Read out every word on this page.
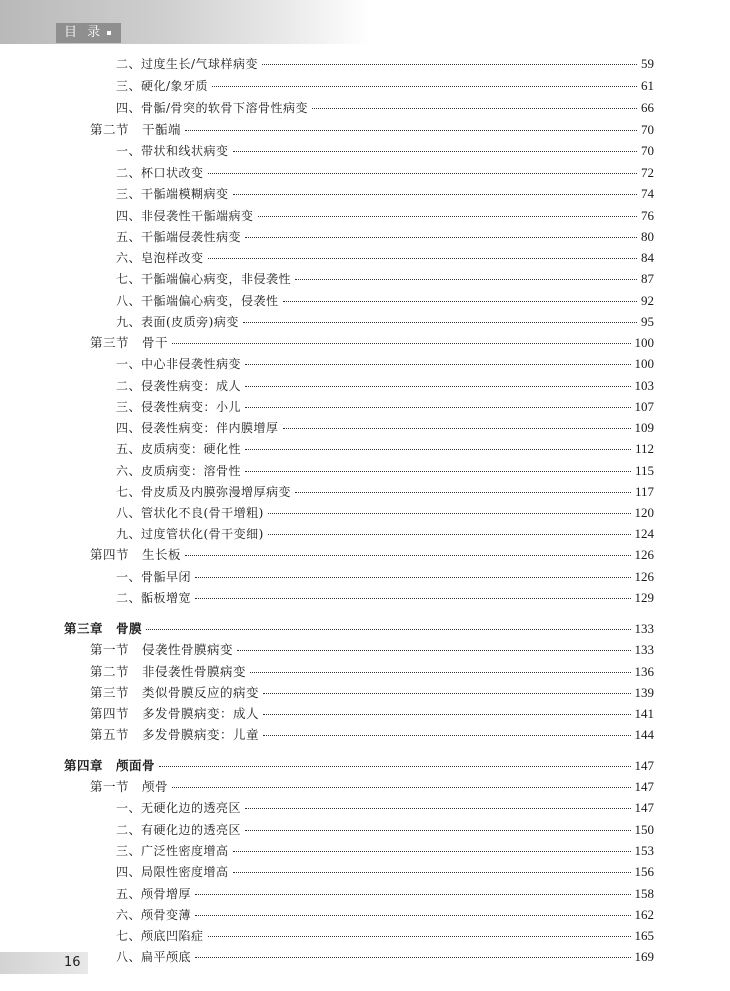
目 录
二、过度生长/气球样病变	59
三、硬化/象牙质	61
四、骨骺/骨突的软骨下溶骨性病变	66
第二节　干骺端	70
一、带状和线状病变	70
二、杯口状改变	72
三、干骺端模糊病变	74
四、非侵袭性干骺端病变	76
五、干骺端侵袭性病变	80
六、皂泡样改变	84
七、干骺端偏心病变，非侵袭性	87
八、干骺端偏心病变，侵袭性	92
九、表面(皮质旁)病变	95
第三节　骨干	100
一、中心非侵袭性病变	100
二、侵袭性病变：成人	103
三、侵袭性病变：小儿	107
四、侵袭性病变：伴内膜增厚	109
五、皮质病变：硬化性	112
六、皮质病变：溶骨性	115
七、骨皮质及内膜弥漫增厚病变	117
八、管状化不良(骨干增粗)	120
九、过度管状化(骨干变细)	124
第四节　生长板	126
一、骨骺早闭	126
二、骺板增宽	129
第三章　骨膜	133
第一节　侵袭性骨膜病变	133
第二节　非侵袭性骨膜病变	136
第三节　类似骨膜反应的病变	139
第四节　多发骨膜病变：成人	141
第五节　多发骨膜病变：儿童	144
第四章　颅面骨	147
第一节　颅骨	147
一、无硬化边的透亮区	147
二、有硬化边的透亮区	150
三、广泛性密度增高	153
四、局限性密度增高	156
五、颅骨增厚	158
六、颅骨变薄	162
七、颅底凹陷症	165
八、扁平颅底	169
16
